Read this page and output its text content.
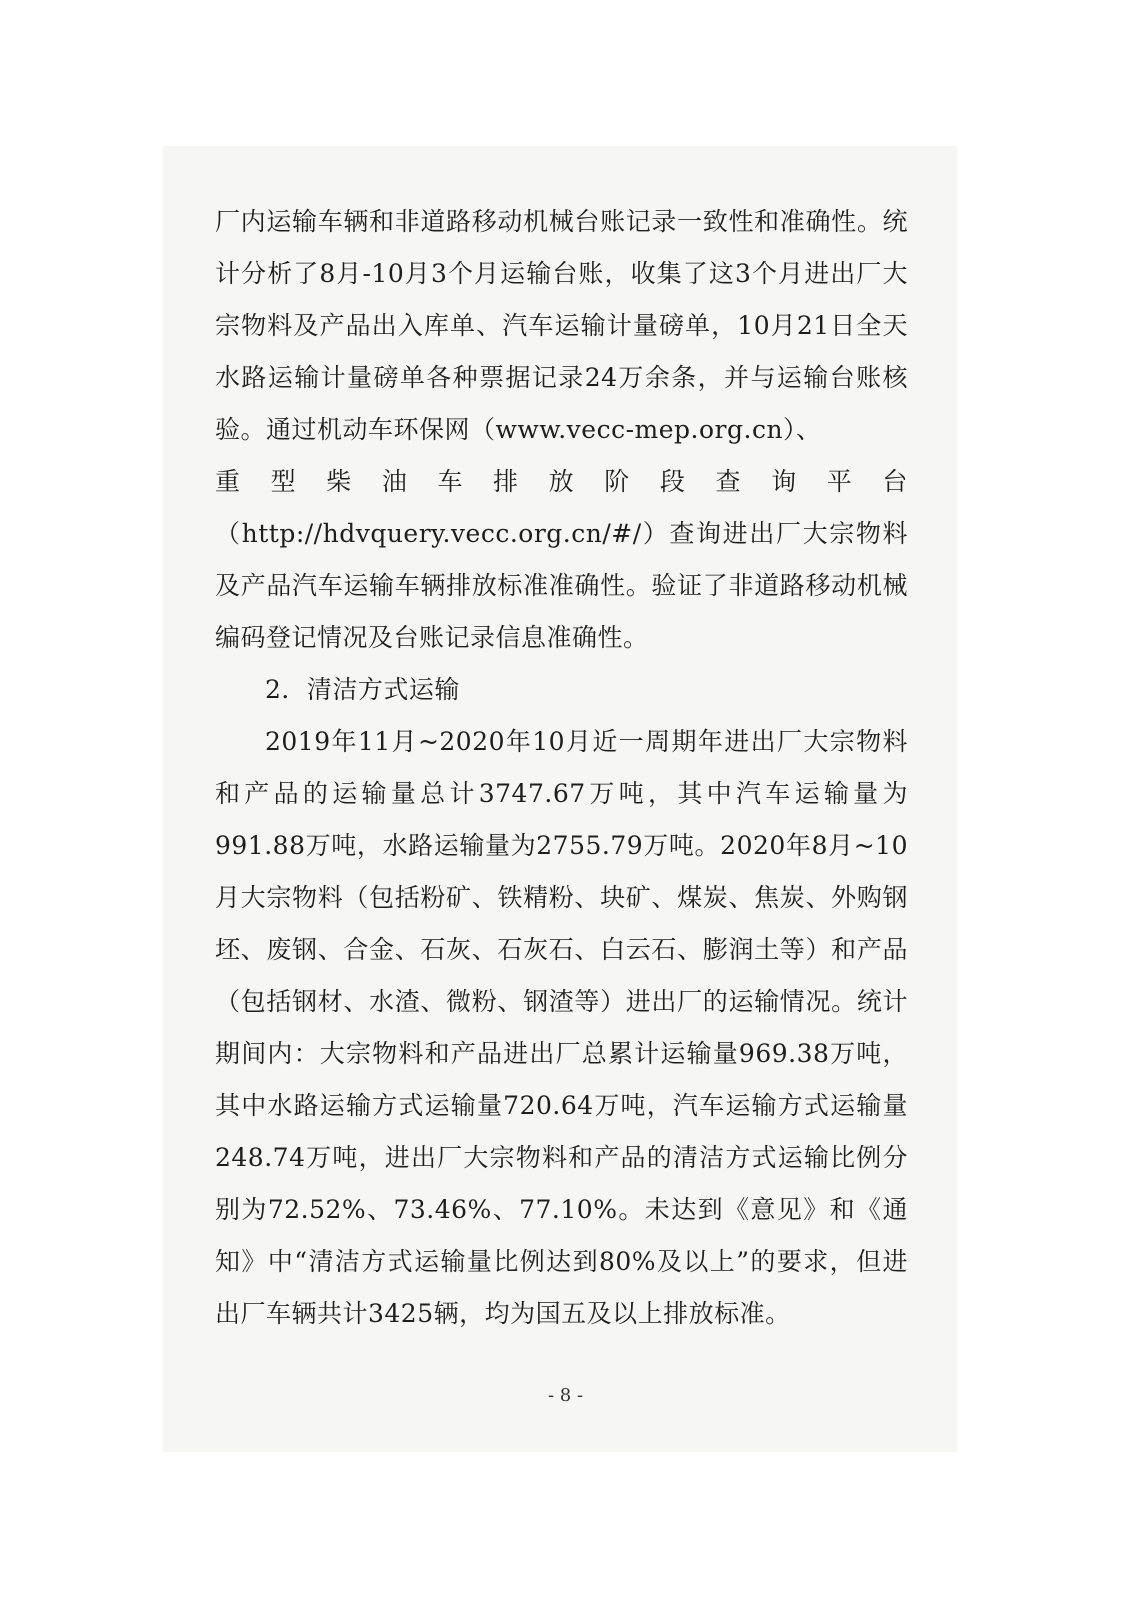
厂内运输车辆和非道路移动机械台账记录一致性和准确性。统计分析了8月-10月3个月运输台账，收集了这3个月进出厂大宗物料及产品出入库单、汽车运输计量磅单，10月21日全天水路运输计量磅单各种票据记录24万余条，并与运输台账核验。通过机动车环保网（www.vecc-mep.org.cn）、

重 型 柴 油 车 排 放 阶 段 查 询 平 台

（http://hdvquery.vecc.org.cn/#/）查询进出厂大宗物料及产品汽车运输车辆排放标准准确性。验证了非道路移动机械编码登记情况及台账记录信息准确性。

2．清洁方式运输

2019年11月~2020年10月近一周期年进出厂大宗物料和产品的运输量总计3747.67万吨，其中汽车运输量为991.88万吨，水路运输量为2755.79万吨。2020年8月~10月大宗物料（包括粉矿、铁精粉、块矿、煤炭、焦炭、外购钢坯、废钢、合金、石灰、石灰石、白云石、膨润土等）和产品（包括钢材、水渣、微粉、钢渣等）进出厂的运输情况。统计期间内：大宗物料和产品进出厂总累计运输量969.38万吨，其中水路运输方式运输量720.64万吨，汽车运输方式运输量248.74万吨，进出厂大宗物料和产品的清洁方式运输比例分别为72.52%、73.46%、77.10%。未达到《意见》和《通知》中“清洁方式运输量比例达到80%及以上”的要求，但进出厂车辆共计3425辆，均为国五及以上排放标准。

- 8 -
